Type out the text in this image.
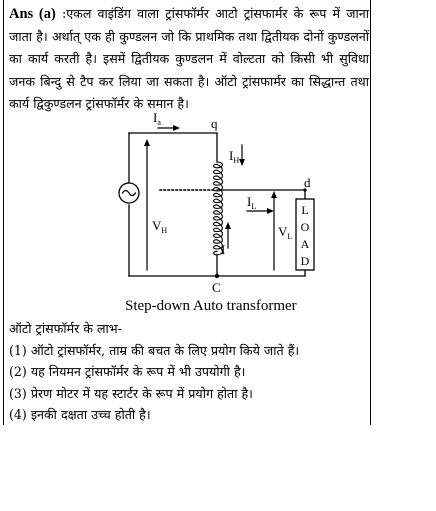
Ans (a) :एकल वाइंडिंग वाला ट्रांसफॉर्मर आटो ट्रांसफार्मर के रूप में जाना जाता है। अर्थात् एक ही कुण्डलन जो कि प्राथमिक तथा द्वितीयक दोनों कुण्डलनों का कार्य करती है। इसमें द्वितीयक कुण्डलन में वोल्टता को किसी भी सुविधा जनक बिन्दु से टैप कर लिया जा सकता है। ऑटो ट्रांसफार्मर का सिद्धान्त तथा कार्य द्विकुण्डलन ट्रांसफॉर्मर के समान है।
$I_a$	q
$I_H$
d
$I_L$
$V_H$	$V_L$
I
C
L
O
A
D
Step-down Auto transformer
ऑटो ट्रांसफॉर्मर के लाभ-
(1) ऑटो ट्रांसफॉर्मर, ताम्र की बचत के लिए प्रयोग किये जाते हैं।
(2) यह नियमन ट्रांसफॉर्मर के रूप में भी उपयोगी है।
(3) प्रेरण मोटर में यह स्टार्टर के रूप में प्रयोग होता है।
(4) इनकी दक्षता उच्च होती है।
